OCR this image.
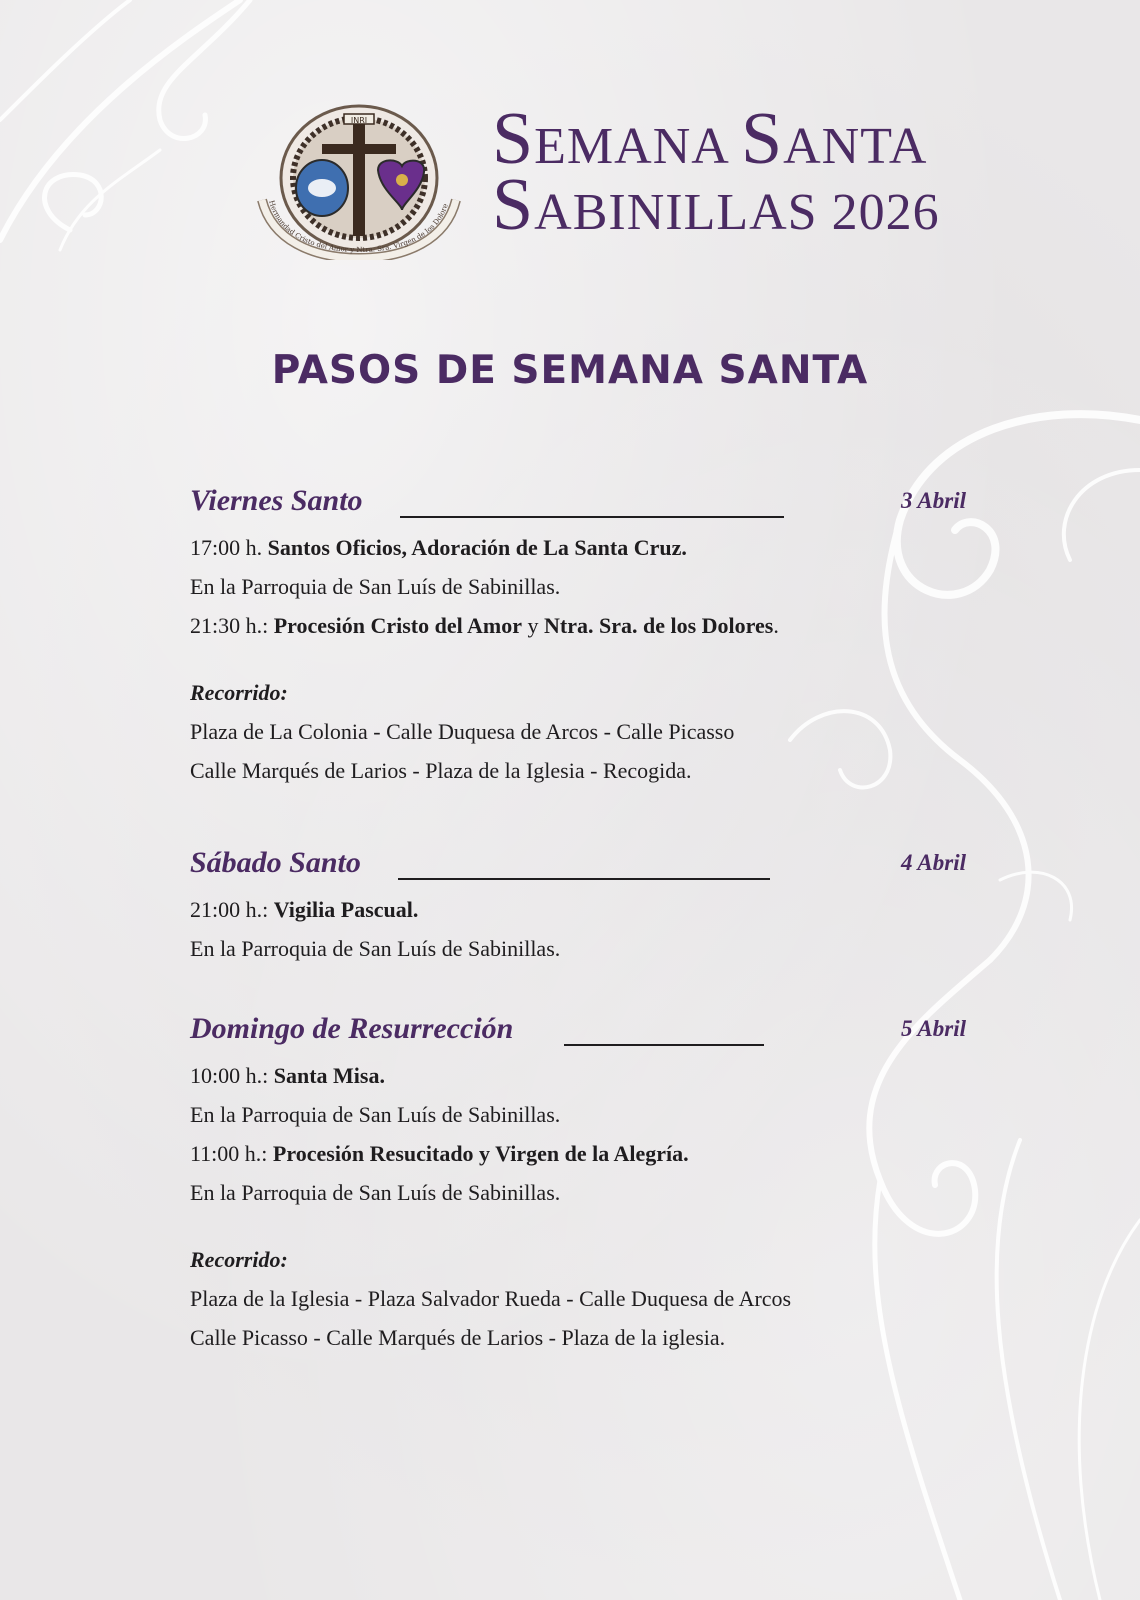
INRI
Hermandad Cristo del Amor y Ntra. Sra. Virgen de los Dolore
SEMANA SANTA
SABINILLAS 2026
PASOS DE SEMANA SANTA
Viernes Santo	3 Abril
17:00 h. Santos Oficios, Adoración de La Santa Cruz.
En la Parroquia de San Luís de Sabinillas.
21:30 h.: Procesión Cristo del Amor y Ntra. Sra. de los Dolores.
Recorrido:
Plaza de La Colonia - Calle Duquesa de Arcos - Calle Picasso
Calle Marqués de Larios - Plaza de la Iglesia - Recogida.
Sábado Santo	4 Abril
21:00 h.: Vigilia Pascual.
En la Parroquia de San Luís de Sabinillas.
Domingo de Resurrección	5 Abril
10:00 h.: Santa Misa.
En la Parroquia de San Luís de Sabinillas.
11:00 h.: Procesión Resucitado y Virgen de la Alegría.
En la Parroquia de San Luís de Sabinillas.
Recorrido:
Plaza de la Iglesia - Plaza Salvador Rueda - Calle Duquesa de Arcos
Calle Picasso - Calle Marqués de Larios - Plaza de la iglesia.
